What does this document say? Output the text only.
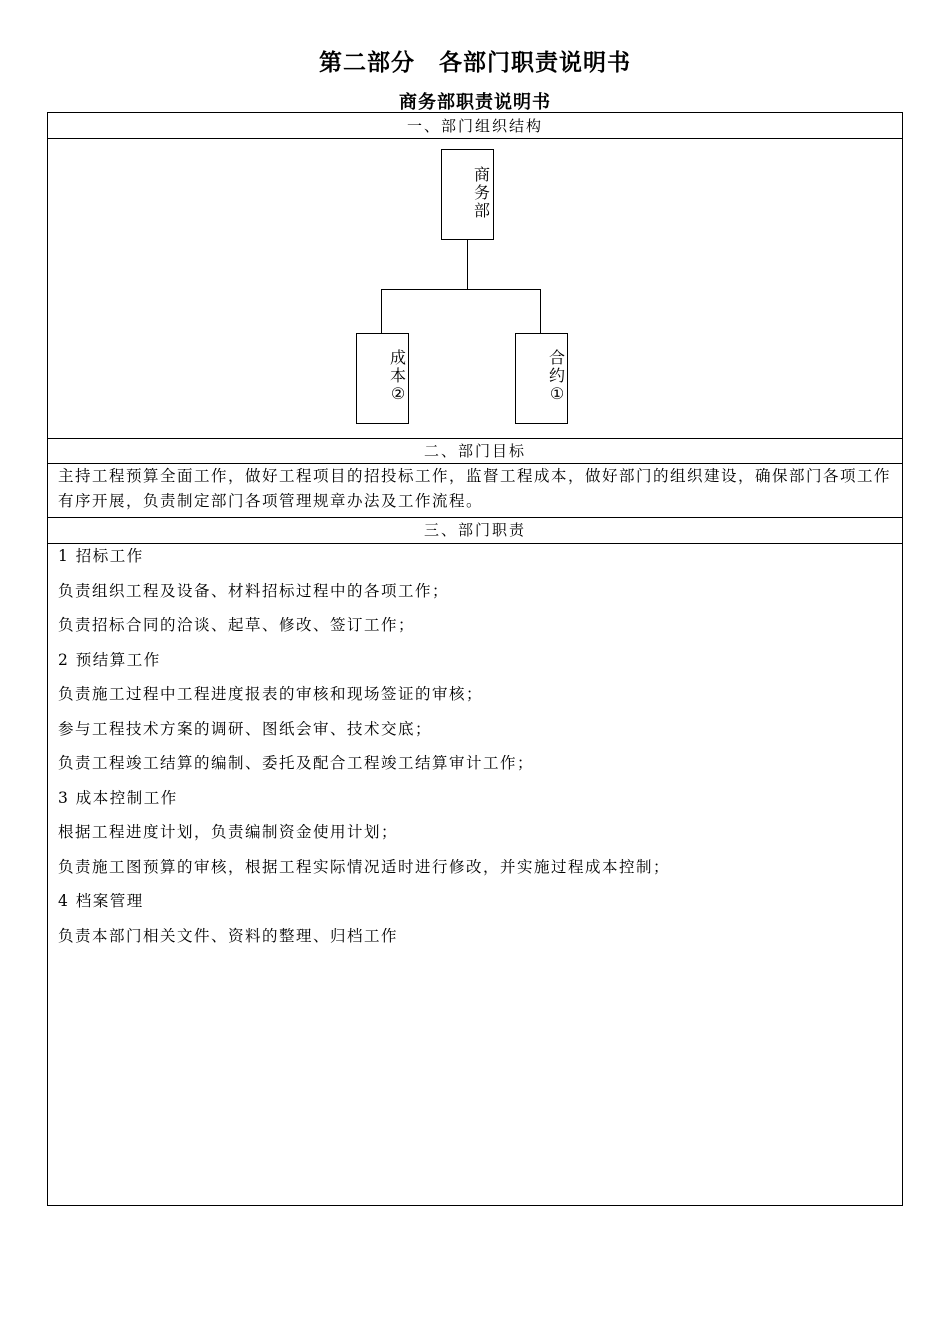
第二部分　各部门职责说明书
商务部职责说明书
一、部门组织结构
商
务
部
成
本
②
合
约
①
二、部门目标
主持工程预算全面工作，做好工程项目的招投标工作，监督工程成本，做好部门的组织建设，确保部门各项工作有序开展，负责制定部门各项管理规章办法及工作流程。
三、部门职责
1 招标工作
负责组织工程及设备、材料招标过程中的各项工作；
负责招标合同的洽谈、起草、修改、签订工作；
2 预结算工作
负责施工过程中工程进度报表的审核和现场签证的审核；
参与工程技术方案的调研、图纸会审、技术交底；
负责工程竣工结算的编制、委托及配合工程竣工结算审计工作；
3 成本控制工作
根据工程进度计划，负责编制资金使用计划；
负责施工图预算的审核，根据工程实际情况适时进行修改，并实施过程成本控制；
4 档案管理
负责本部门相关文件、资料的整理、归档工作
